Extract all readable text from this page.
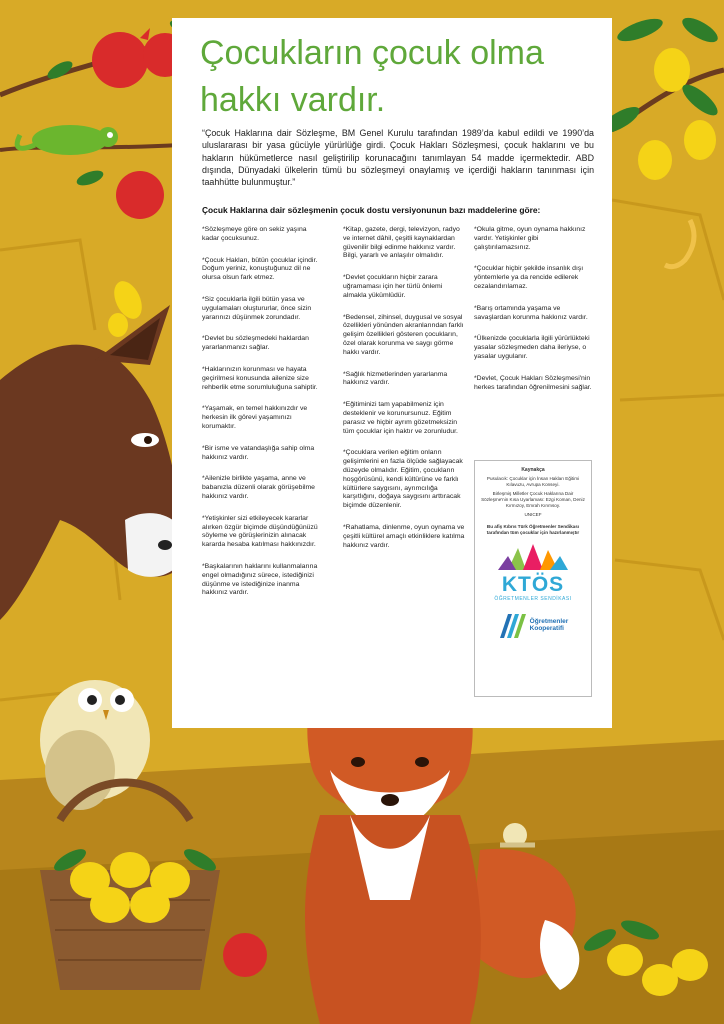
Çocukların çocuk olma hakkı vardır.

“Çocuk Haklarına dair Sözleşme, BM Genel Kurulu tarafından 1989’da kabul edildi ve 1990’da uluslararası bir yasa gücüyle yürürlüğe girdi. Çocuk Hakları Sözleşmesi, çocuk haklarını ve bu hakların hükümetlerce nasıl geliştirilip korunacağını tanımlayan 54 madde içermektedir. ABD dışında, Dünyadaki ülkelerin tümü bu sözleşmeyi onaylamış ve içerdiği hakların tanınması için taahhütte bulunmuştur.”

Çocuk Haklarına dair sözleşmenin çocuk dostu versiyonunun bazı maddelerine göre:

*Sözleşmeye göre on sekiz yaşına kadar çocuksunuz.

*Çocuk Hakları, bütün çocuklar içindir. Doğum yeriniz, konuştuğunuz dil ne olursa olsun fark etmez.

*Siz çocuklarla ilgili bütün yasa ve uygulamaları oluştururlar, önce sizin yararınızı düşünmek zorundadır.

*Devlet bu sözleşmedeki haklardan yararlanmanızı sağlar.

*Haklarınızın korunması ve hayata geçirilmesi konusunda ailenize size rehberlik etme sorumluluğuna sahiptir.

*Yaşamak, en temel hakkınızdır ve herkesin ilk görevi yaşamınızı korumaktır.

*Bir isme ve vatandaşlığa sahip olma hakkınız vardır.

*Ailenizle birlikte yaşama, anne ve babanızla düzenli olarak görüşebilme hakkınız vardır.

*Yetişkinler sizi etkileyecek kararlar alırken özgür biçimde düşündüğünüzü söyleme ve görüşlerinizin alınacak kararda hesaba katılması hakkınızdır.

*Başkalarının haklarını kullanmalarına engel olmadığınız sürece, istediğinizi düşünme ve istediğinize inanma hakkınız vardır.

*Kitap, gazete, dergi, televizyon, radyo ve internet dâhil, çeşitli kaynaklardan güvenilir bilgi edinme hakkınız vardır. Bilgi, yararlı ve anlaşılır olmalıdır.

*Devlet çocukların hiçbir zarara uğramaması için her türlü önlemi almakla yükümlüdür.

*Bedensel, zihinsel, duygusal ve sosyal özellikleri yönünden akranlarından farklı gelişim özellikleri gösteren çocukların, özel olarak korunma ve saygı görme hakkı vardır.

*Sağlık hizmetlerinden yararlanma hakkınız vardır.

*Eğitiminizi tam yapabilmeniz için desteklenir ve korunursunuz. Eğitim parasız ve hiçbir ayrım gözetmeksizin tüm çocuklar için haktır ve zorunludur.

*Çocuklara verilen eğitim onların gelişimlerini en fazla ölçüde sağlayacak düzeyde olmalıdır. Eğitim, çocukların hoşgörüsünü, kendi kültürüne ve farklı kültürlere saygısını, ayrımcılığa karşıtlığını, doğaya saygısını arttıracak biçimde düzenlenir.

*Rahatlama, dinlenme, oyun oynama ve çeşitli kültürel amaçlı etkinliklere katılma hakkınız vardır.

*Okula gitme, oyun oynama hakkınız vardır. Yetişkinler gibi çalıştırılamazsınız.

*Çocuklar hiçbir şekilde insanlık dışı yöntemlerle ya da rencide edilerek cezalandırılamaz.

*Barış ortamında yaşama ve savaşlardan korunma hakkınız vardır.

*Ülkenizde çocuklarla ilgili yürürlükteki yasalar sözleşmeden daha ileriyse, o yasalar uygulanır.

*Devlet, Çocuk Hakları Sözleşmesi'nin herkes tarafından öğrenilmesini sağlar.

Kaynakça
Pusulacık: Çocuklar için İnsan Hakları Eğitimi Kılavuzu, Avrupa Konseyi.
Birleşmiş Milletler Çocuk Haklarına Dair Sözleşme'nin Kısa Uyarlaması: Ezgi Koman, Deniz Kırmızoy, Emrah Kırımsoy.
UNICEF
Bu afiş Kıbrıs Türk Öğretmenler Sendikası tarafından tüm çocuklar için hazırlanmıştır
KTÖS
ÖĞRETMENLER SENDİKASI
Öğretmenler
Kooperatifi
